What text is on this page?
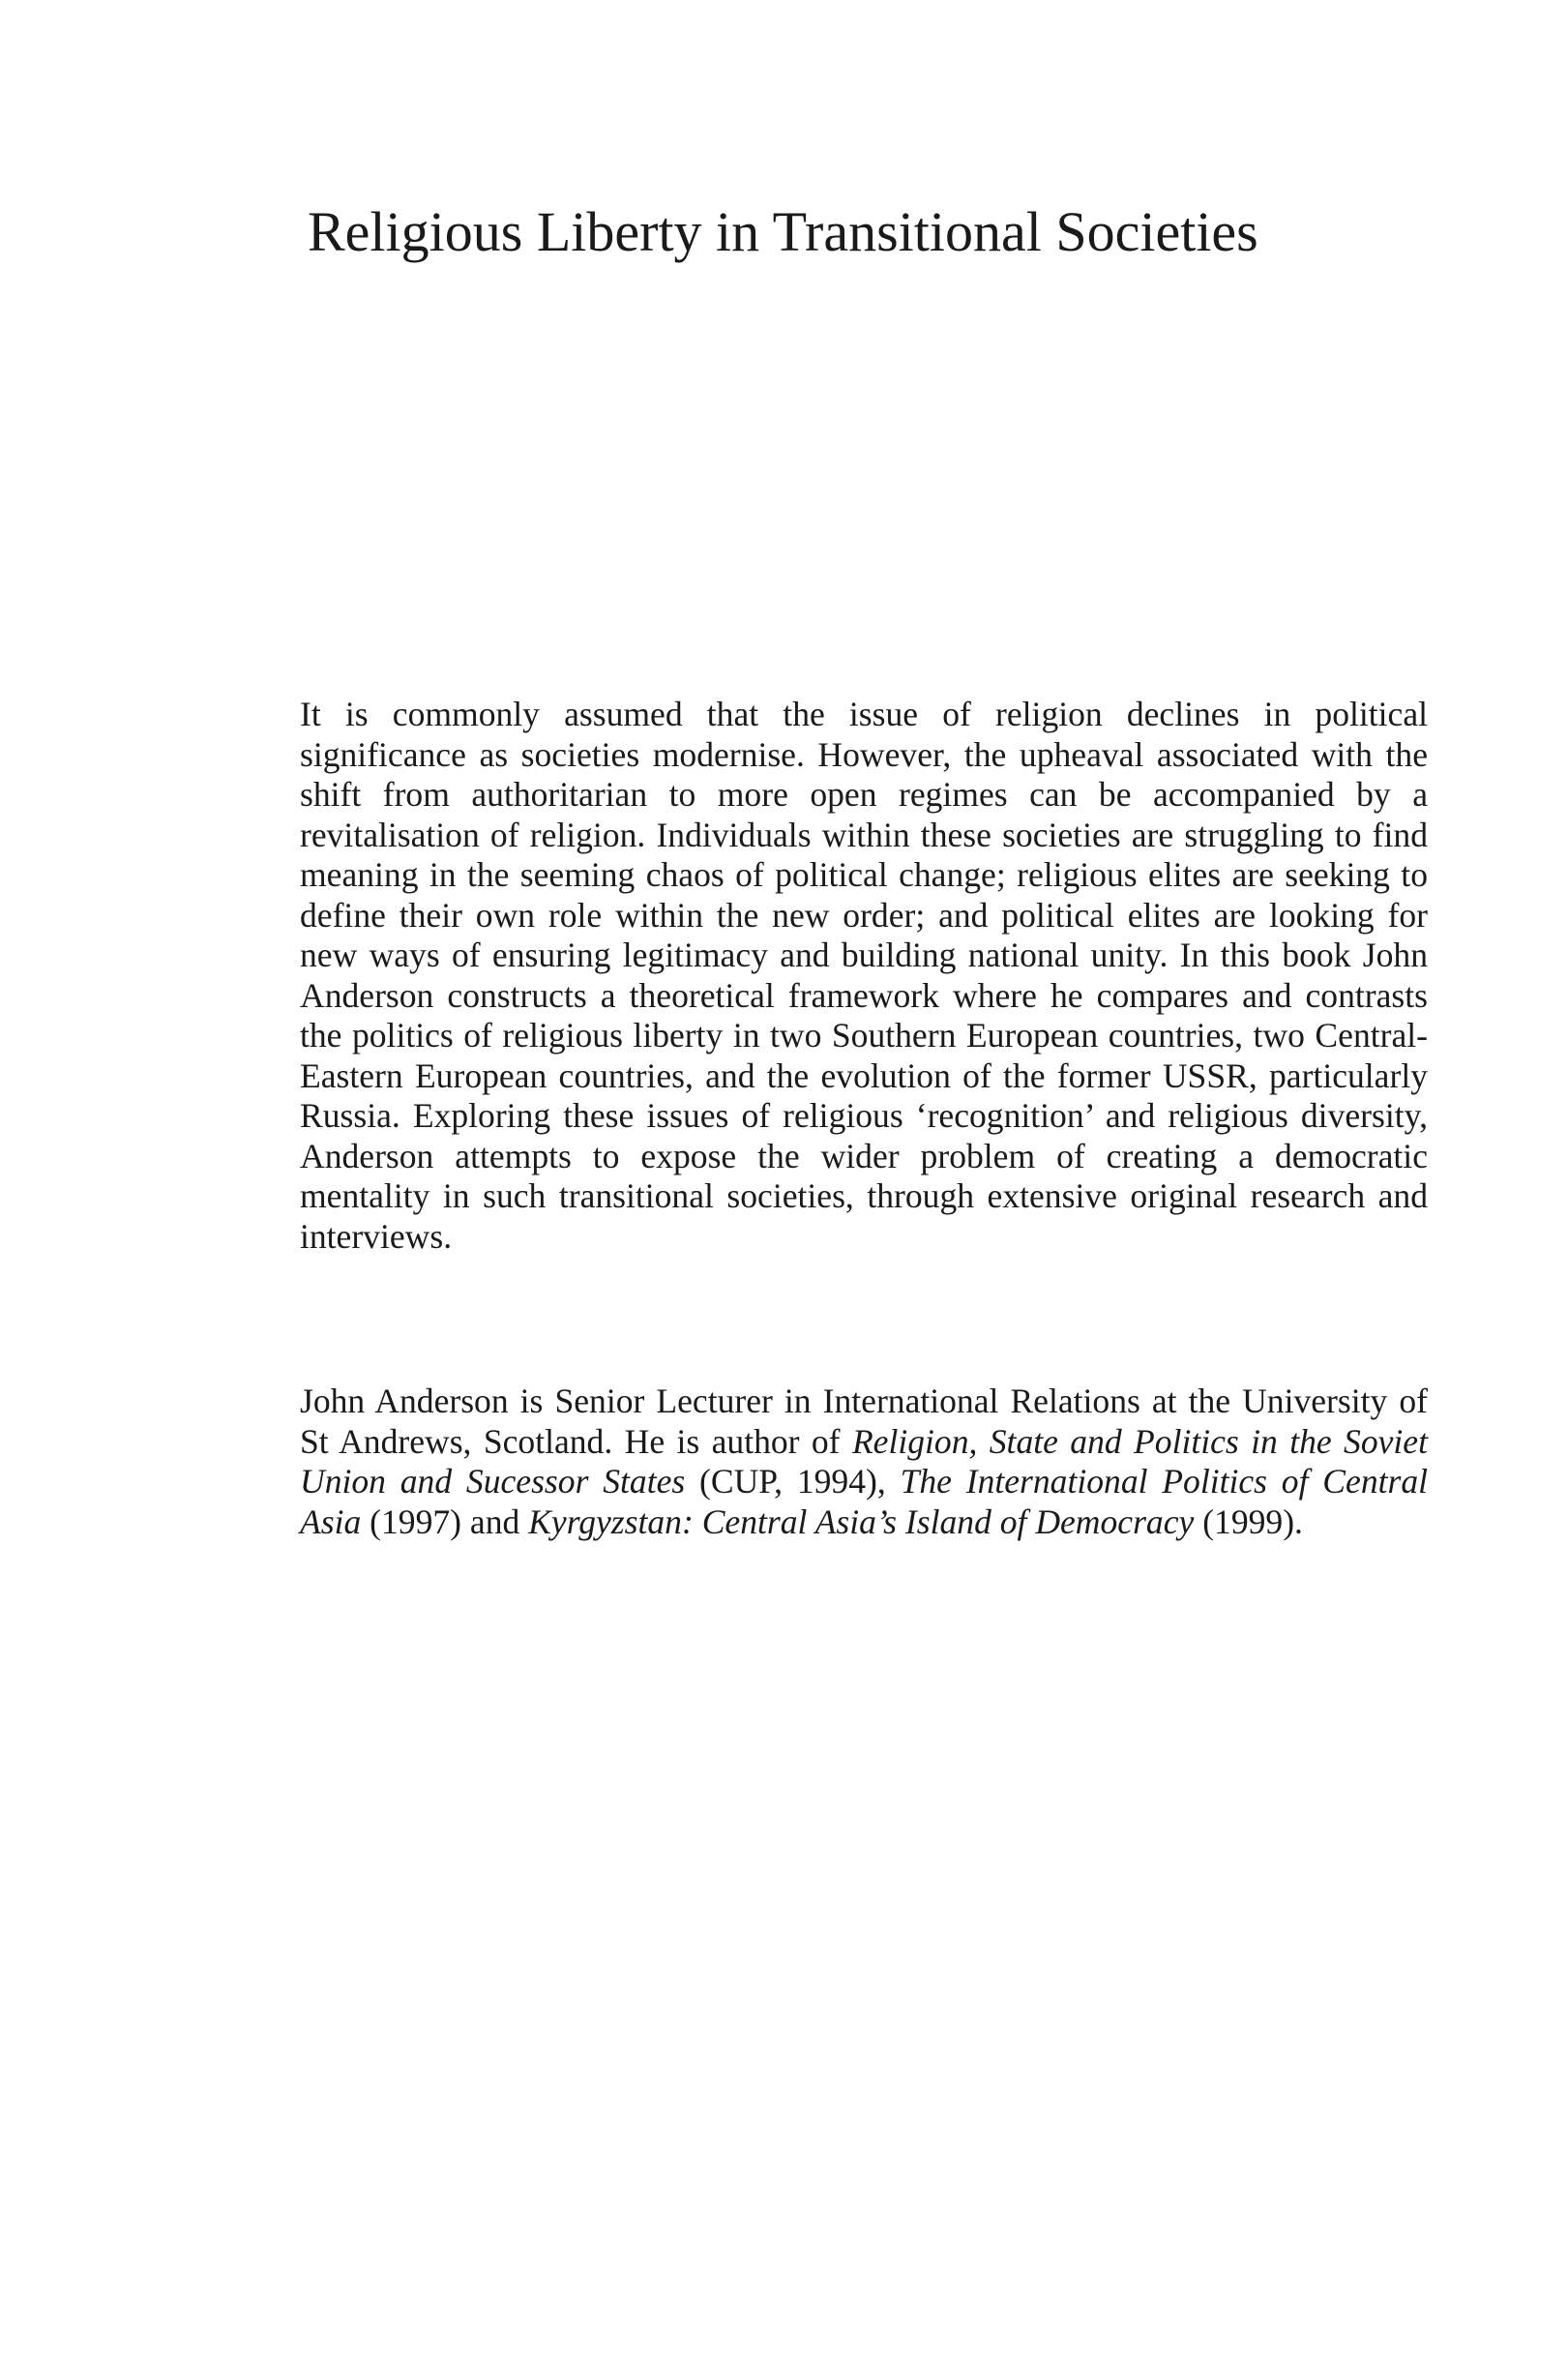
Religious Liberty in Transitional Societies

It is commonly assumed that the issue of religion declines in political significance as societies modernise. However, the upheaval associated with the shift from authoritarian to more open regimes can be accompanied by a revitalisation of religion. Individuals within these societies are struggling to find meaning in the seeming chaos of political change; religious elites are seeking to define their own role within the new order; and political elites are looking for new ways of ensuring legitimacy and building national unity. In this book John Anderson constructs a theoretical framework where he compares and contrasts the politics of religious liberty in two Southern European countries, two Central-Eastern European countries, and the evolution of the former USSR, particularly Russia. Exploring these issues of religious ‘recognition’ and religious diversity, Anderson attempts to expose the wider problem of creating a democratic mentality in such transitional societies, through extensive original research and interviews.

John Anderson is Senior Lecturer in International Relations at the University of St Andrews, Scotland. He is author of Religion, State and Politics in the Soviet Union and Sucessor States (CUP, 1994), The International Politics of Central Asia (1997) and Kyrgyzstan: Central Asia’s Island of Democracy (1999).
